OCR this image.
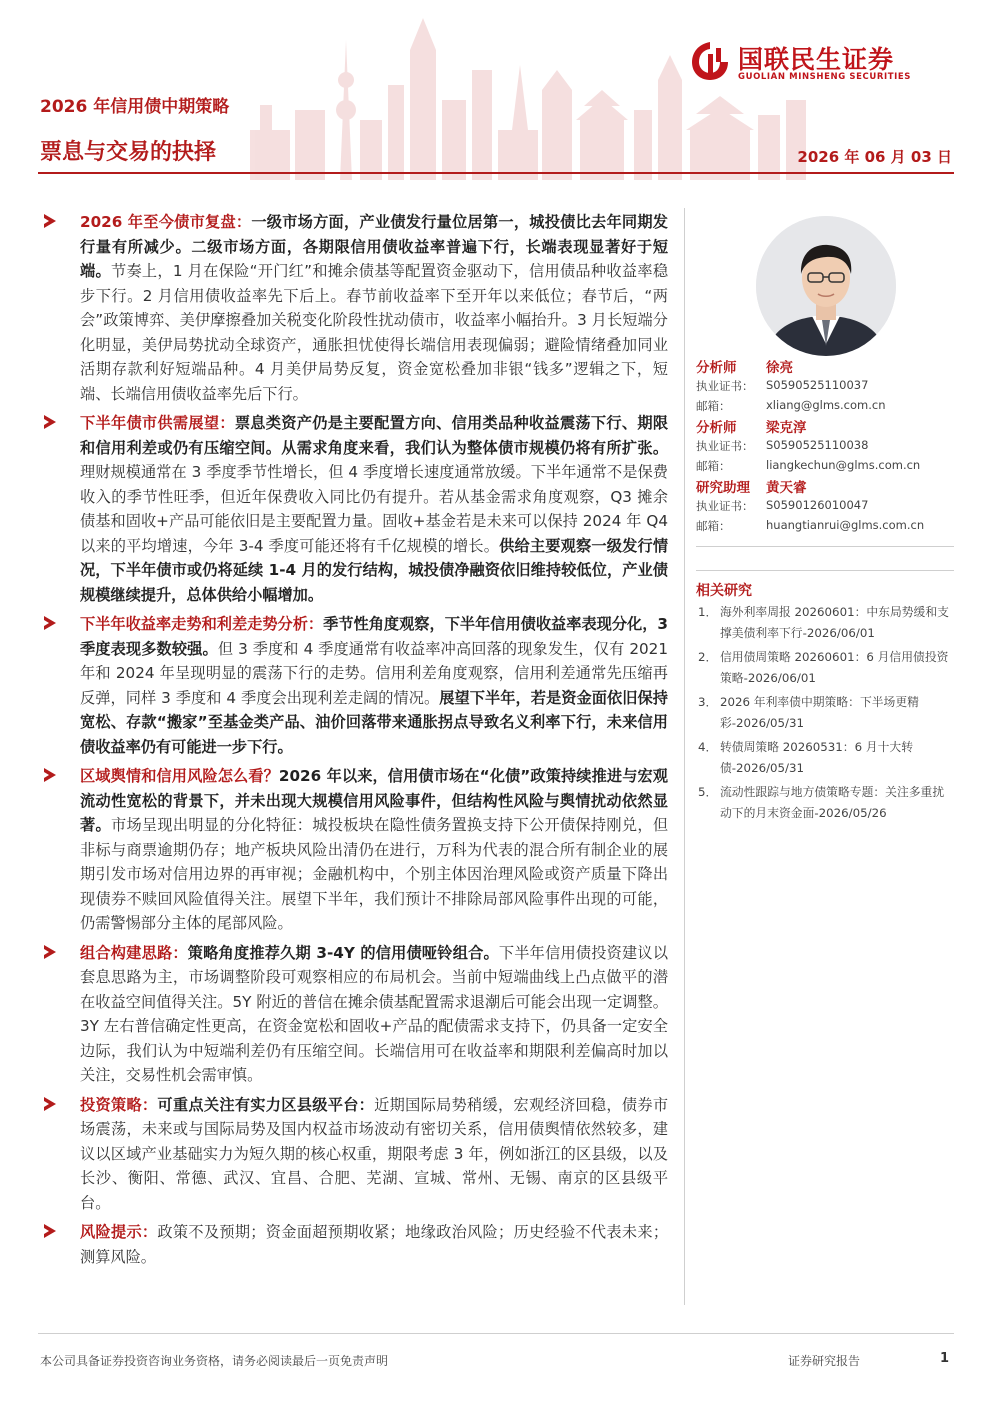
2026 年信用债中期策略
票息与交易的抉择	2026 年 06 月 03 日
国联民生证券
GUOLIAN MINSHENG SECURITIES

2026 年至今债市复盘：一级市场方面，产业债发行量位居第一，城投债比去年同期发行量有所减少。二级市场方面，各期限信用债收益率普遍下行，长端表现显著好于短端。节奏上，1 月在保险“开门红”和摊余债基等配置资金驱动下，信用债品种收益率稳步下行。2 月信用债收益率先下后上。春节前收益率下至开年以来低位；春节后，“两会”政策博弈、美伊摩擦叠加关税变化阶段性扰动债市，收益率小幅抬升。3 月长短端分化明显，美伊局势扰动全球资产，通胀担忧使得长端信用表现偏弱；避险情绪叠加同业活期存款利好短端品种。4 月美伊局势反复，资金宽松叠加非银“钱多”逻辑之下，短端、长端信用债收益率先后下行。

下半年债市供需展望：票息类资产仍是主要配置方向、信用类品种收益震荡下行、期限和信用利差或仍有压缩空间。从需求角度来看，我们认为整体债市规模仍将有所扩张。理财规模通常在 3 季度季节性增长，但 4 季度增长速度通常放缓。下半年通常不是保费收入的季节性旺季，但近年保费收入同比仍有提升。若从基金需求角度观察，Q3 摊余债基和固收+产品可能依旧是主要配置力量。固收+基金若是未来可以保持 2024 年 Q4 以来的平均增速，今年 3-4 季度可能还将有千亿规模的增长。供给主要观察一级发行情况，下半年债市或仍将延续 1-4 月的发行结构，城投债净融资依旧维持较低位，产业债规模继续提升，总体供给小幅增加。

下半年收益率走势和利差走势分析：季节性角度观察，下半年信用债收益率表现分化，3 季度表现多数较强。但 3 季度和 4 季度通常有收益率冲高回落的现象发生，仅有 2021 年和 2024 年呈现明显的震荡下行的走势。信用利差角度观察，信用利差通常先压缩再反弹，同样 3 季度和 4 季度会出现利差走阔的情况。展望下半年，若是资金面依旧保持宽松、存款“搬家”至基金类产品、油价回落带来通胀拐点导致名义利率下行，未来信用债收益率仍有可能进一步下行。

区域舆情和信用风险怎么看？2026 年以来，信用债市场在“化债”政策持续推进与宏观流动性宽松的背景下，并未出现大规模信用风险事件，但结构性风险与舆情扰动依然显著。市场呈现出明显的分化特征：城投板块在隐性债务置换支持下公开债保持刚兑，但非标与商票逾期仍存；地产板块风险出清仍在进行，万科为代表的混合所有制企业的展期引发市场对信用边界的再审视；金融机构中，个别主体因治理风险或资产质量下降出现债券不赎回风险值得关注。展望下半年，我们预计不排除局部风险事件出现的可能，仍需警惕部分主体的尾部风险。

组合构建思路：策略角度推荐久期 3-4Y 的信用债哑铃组合。下半年信用债投资建议以套息思路为主，市场调整阶段可观察相应的布局机会。当前中短端曲线上凸点做平的潜在收益空间值得关注。5Y 附近的普信在摊余债基配置需求退潮后可能会出现一定调整。3Y 左右普信确定性更高，在资金宽松和固收+产品的配债需求支持下，仍具备一定安全边际，我们认为中短端利差仍有压缩空间。长端信用可在收益率和期限利差偏高时加以关注，交易性机会需审慎。

投资策略：可重点关注有实力区县级平台：近期国际局势稍缓，宏观经济回稳，债券市场震荡，未来或与国际局势及国内权益市场波动有密切关系，信用债舆情依然较多，建议以区域产业基础实力为短久期的核心权重，期限考虑 3 年，例如浙江的区县级，以及长沙、衡阳、常德、武汉、宜昌、合肥、芜湖、宣城、常州、无锡、南京的区县级平台。

风险提示：政策不及预期；资金面超预期收紧；地缘政治风险；历史经验不代表未来；测算风险。

分析师 徐亮
执业证书： S0590525110037
邮箱：	xliang@glms.com.cn
分析师 梁克淳
执业证书： S0590525110038
邮箱：	liangkechun@glms.com.cn
研究助理 黄天睿
执业证书： S0590126010047
邮箱：	huangtianrui@glms.com.cn
相关研究
1． 海外利率周报 20260601：中东局势缓和支撑美债利率下行-2026/06/01
2． 信用债周策略 20260601：6 月信用债投资策略-2026/06/01
3． 2026 年利率债中期策略：下半场更精彩-2026/05/31
4． 转债周策略 20260531：6 月十大转债-2026/05/31
5． 流动性跟踪与地方债策略专题：关注多重扰动下的月末资金面-2026/05/26
本公司具备证券投资咨询业务资格，请务必阅读最后一页免责声明	证券研究报告	1
